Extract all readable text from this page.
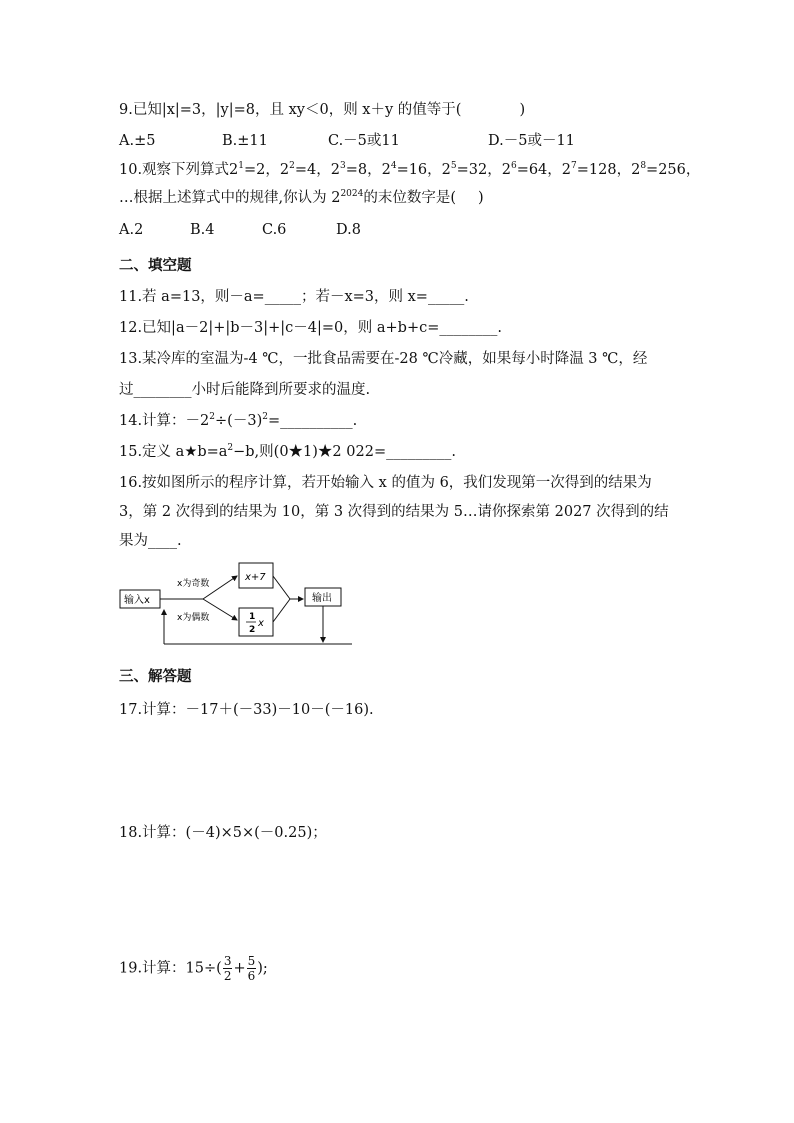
9.已知|x|=3，|y|=8，且 xy＜0，则 x＋y 的值等于(	)
A.±5	B.±11	C.－5或11	D.－5或－11
10.观察下列算式$2^1=2$，$2^2=4$，$2^3=8$，$2^4=16$，$2^5=32$，$2^6=64$，$2^7=128$，$2^8=256$，
…根据上述算式中的规律,你认为 $2^{2024}$的末位数字是( )
A.2	B.4	C.6	D.8
二、填空题
11.若 a=13，则－a=_____；若－x=3，则 x=_____.
12.已知|a－2|+|b－3|+|c－4|=0，则 a+b+c=________.
13.某冷库的室温为-4 ℃，一批食品需要在-28 ℃冷藏，如果每小时降温 3 ℃，经
过________小时后能降到所要求的温度.
14.计算：$-2^2\div(-3)^2=\_\_\_\_\_\_\_\_\_\_$.
15.定义 $a★b=a^2-b$,则(0★1)★2 022=_________.
16.按如图所示的程序计算，若开始输入 x 的值为 6，我们发现第一次得到的结果为
3，第 2 次得到的结果为 10，第 3 次得到的结果为 5…请你探索第 2027 次得到的结
果为____.
输入x
x为奇数
x为偶数
x+7
1
2
x
输出
三、解答题
17.计算：－17＋(－33)－10－(－16).
18.计算：(－4)×5×(－0.25)；
19.计算：$15\div( \frac{3}{2} + \frac{5}{6}$ );
